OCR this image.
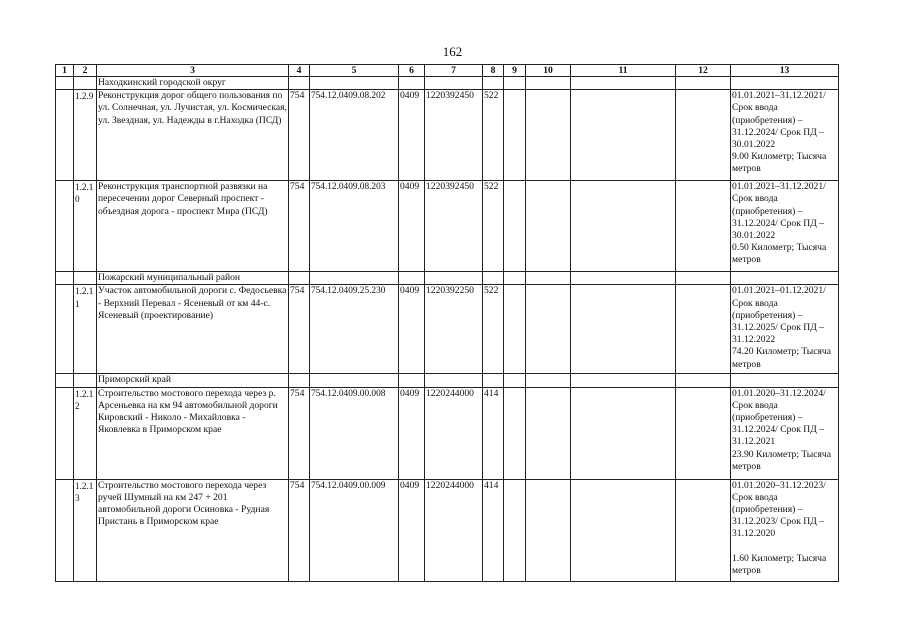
162
1	2	3	4	5	6	7	8	9	10	11	12	13
		Находкинский городской округ										
	1.2.9	Реконструкция дорог общего пользования по ул. Солнечная, ул. Лучистая, ул. Космическая, ул. Звездная, ул. Надежды в г.Находка (ПСД)	754	754.12.0409.08.202	0409	1220392450	522					01.01.2021–31.12.2021/ Срок ввода (приобретения) – 31.12.2024/ Срок ПД – 30.01.2022
9.00 Километр; Тысяча метров
	1.2.10	Реконструкция транспортной развязки на пересечении дорог Северный проспект - объездная дорога - проспект Мира (ПСД)	754	754.12.0409.08.203	0409	1220392450	522					01.01.2021–31.12.2021/ Срок ввода (приобретения) – 31.12.2024/ Срок ПД – 30.01.2022
0.50 Километр; Тысяча метров
		Пожарский муниципальный район										
	1.2.11	Участок автомобильной дороги с. Федосьевка - Верхний Перевал - Ясеневый от км 44-с. Ясеневый (проектирование)	754	754.12.0409.25.230	0409	1220392250	522					01.01.2021–01.12.2021/ Срок ввода (приобретения) – 31.12.2025/ Срок ПД – 31.12.2022
74.20 Километр; Тысяча метров
		Приморский край										
	1.2.12	Строительство мостового перехода через р. Арсеньевка на км 94 автомобильной дороги Кировский - Николо - Михайловка - Яковлевка в Приморском крае	754	754.12.0409.00.008	0409	1220244000	414					01.01.2020–31.12.2024/ Срок ввода (приобретения) – 31.12.2024/ Срок ПД – 31.12.2021
23.90 Километр; Тысяча метров
	1.2.13	Строительство мостового перехода через ручей Шумный на км 247 + 201 автомобильной дороги Осиновка - Рудная Пристань в Приморском крае	754	754.12.0409.00.009	0409	1220244000	414					01.01.2020–31.12.2023/ Срок ввода (приобретения) – 31.12.2023/ Срок ПД – 31.12.2020

1.60 Километр; Тысяча метров
